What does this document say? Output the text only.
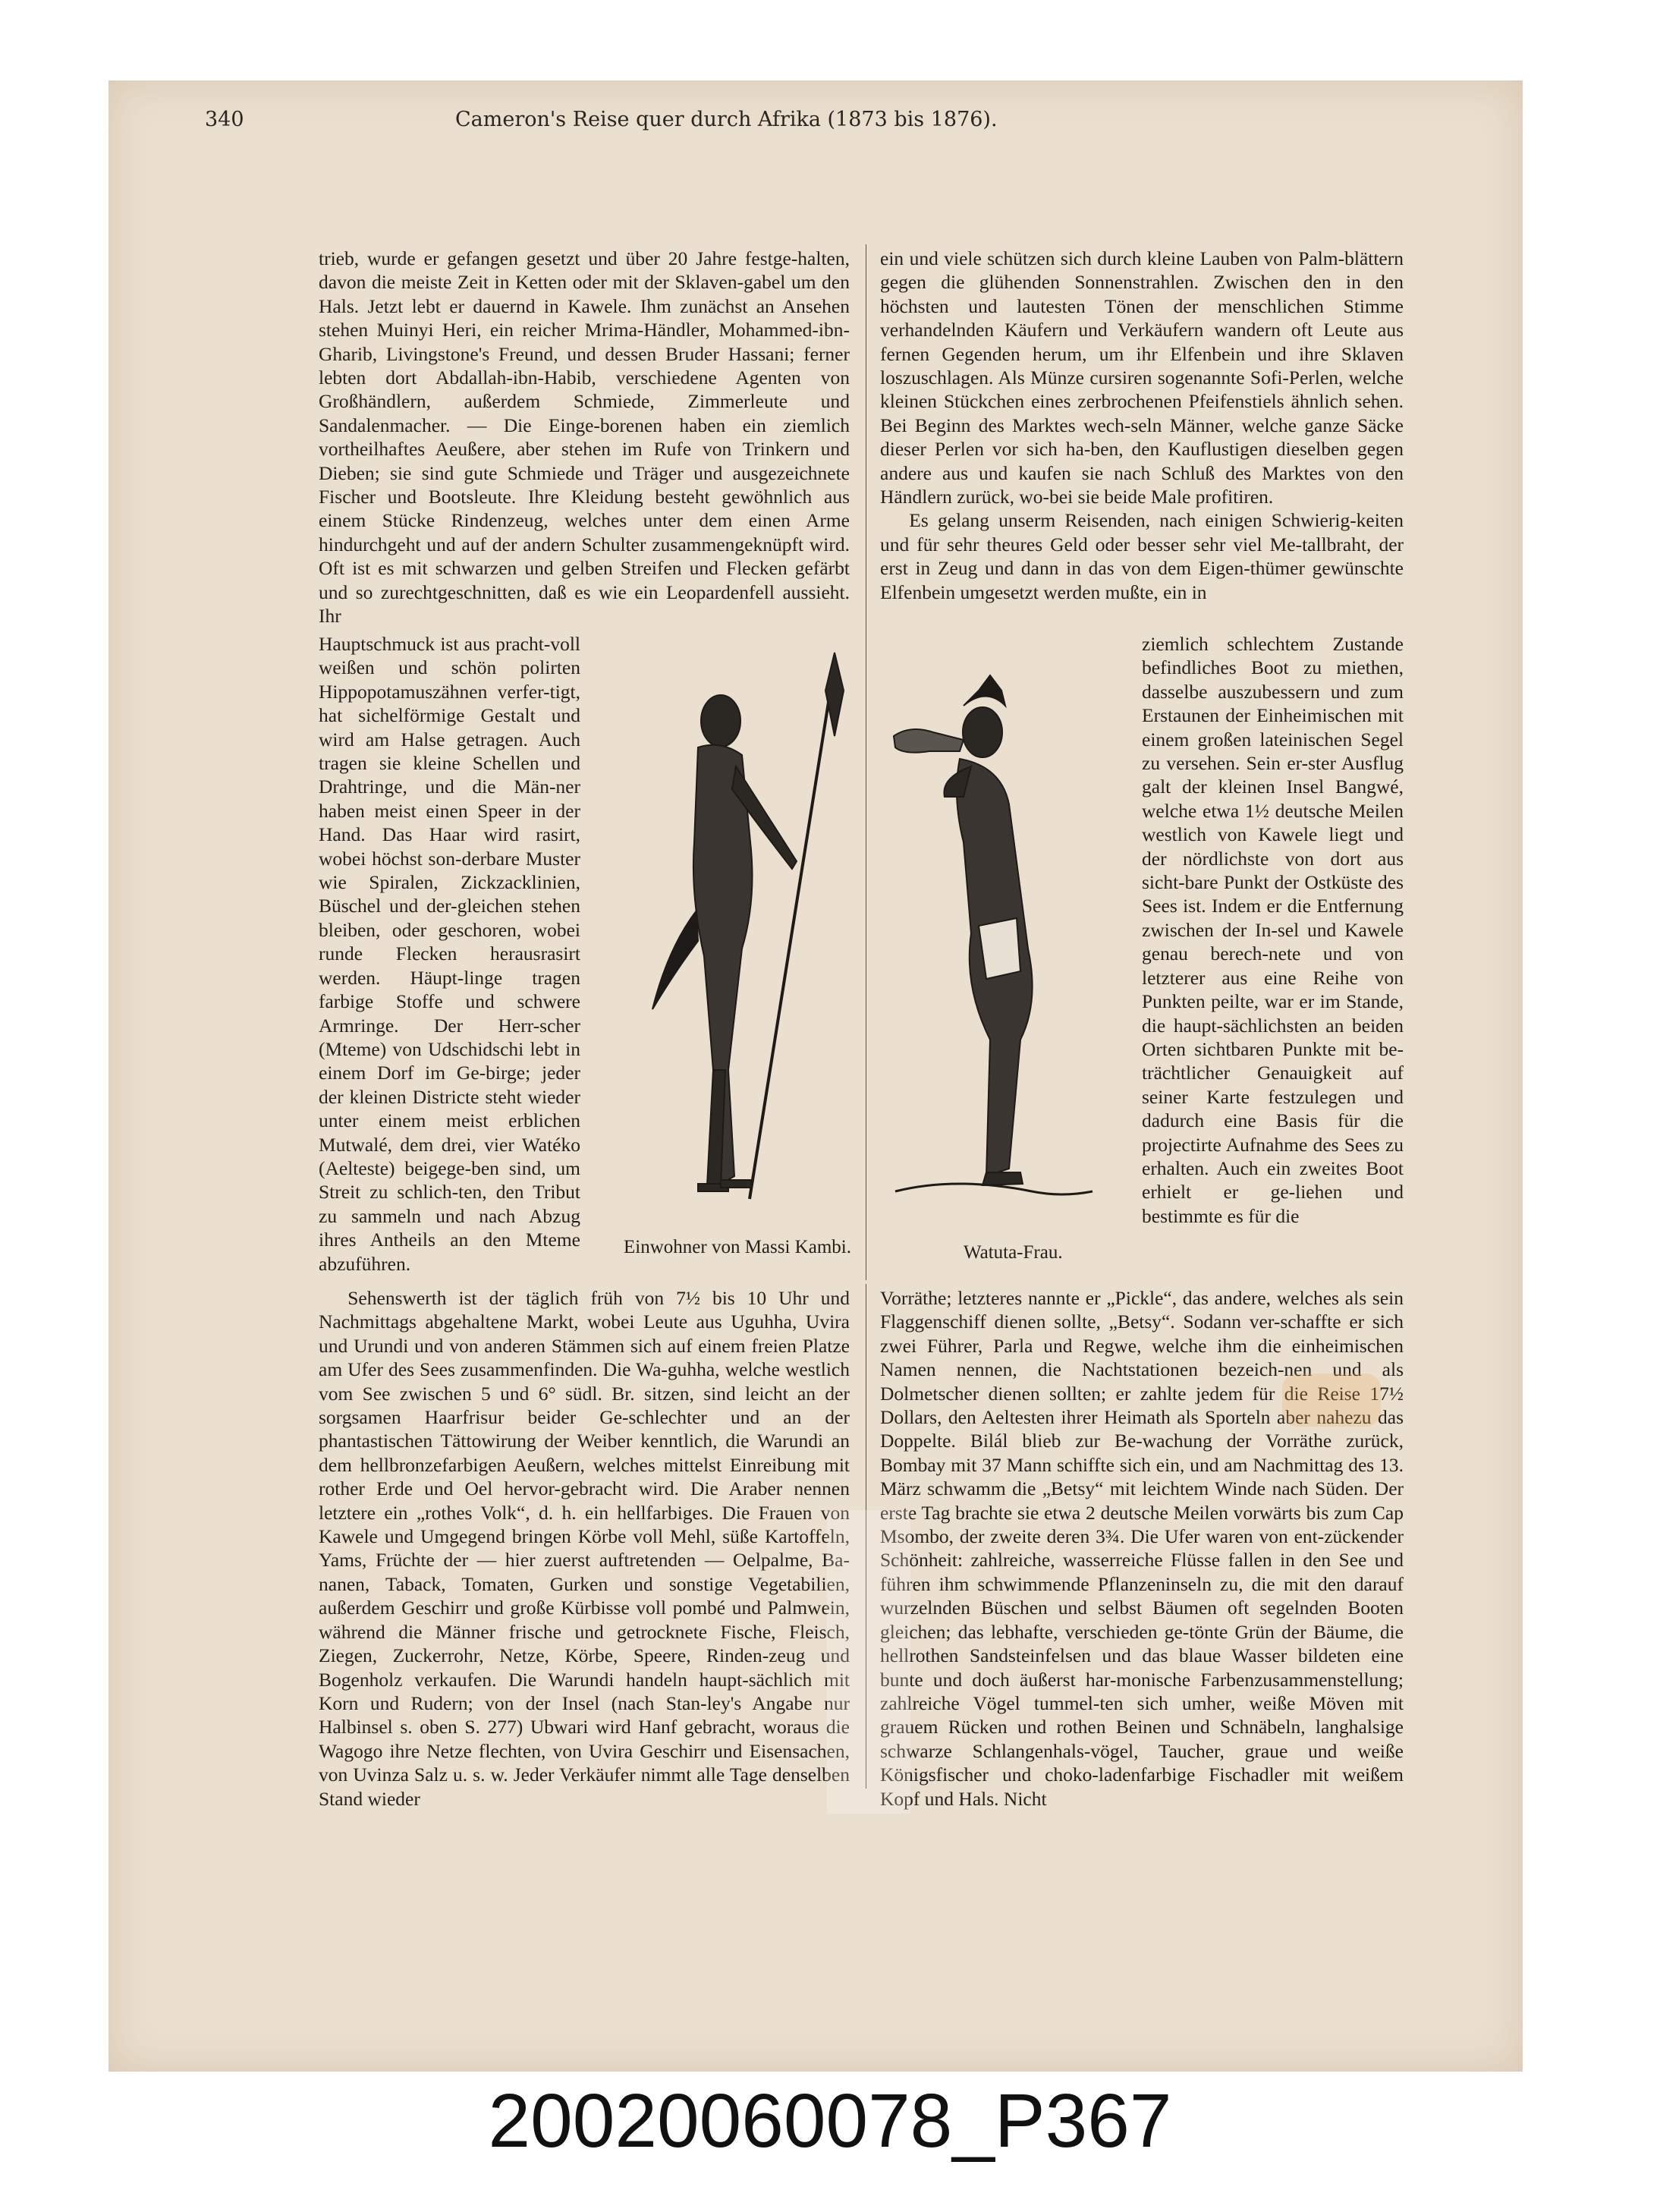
340	Cameron's Reise quer durch Afrika (1873 bis 1876).

trieb, wurde er gefangen gesetzt und über 20 Jahre festge-halten, davon die meiste Zeit in Ketten oder mit der Sklaven-gabel um den Hals. Jetzt lebt er dauernd in Kawele. Ihm zunächst an Ansehen stehen Muinyi Heri, ein reicher Mrima-Händler, Mohammed-ibn-Gharib, Livingstone's Freund, und dessen Bruder Hassani; ferner lebten dort Abdallah-ibn-Habib, verschiedene Agenten von Großhändlern, außerdem Schmiede, Zimmerleute und Sandalenmacher. — Die Einge-borenen haben ein ziemlich vortheilhaftes Aeußere, aber stehen im Rufe von Trinkern und Dieben; sie sind gute Schmiede und Träger und ausgezeichnete Fischer und Bootsleute. Ihre Kleidung besteht gewöhnlich aus einem Stücke Rindenzeug, welches unter dem einen Arme hindurchgeht und auf der andern Schulter zusammengeknüpft wird. Oft ist es mit schwarzen und gelben Streifen und Flecken gefärbt und so zurechtgeschnitten, daß es wie ein Leopardenfell aussieht. Ihr

Hauptschmuck ist aus pracht-voll weißen und schön polirten Hippopotamuszähnen verfer-tigt, hat sichelförmige Gestalt und wird am Halse getragen. Auch tragen sie kleine Schellen und Drahtringe, und die Män-ner haben meist einen Speer in der Hand. Das Haar wird rasirt, wobei höchst son-derbare Muster wie Spiralen, Zickzacklinien, Büschel und der-gleichen stehen bleiben, oder geschoren, wobei runde Flecken herausrasirt werden. Häupt-linge tragen farbige Stoffe und schwere Armringe. Der Herr-scher (Mteme) von Udschidschi lebt in einem Dorf im Ge-birge; jeder der kleinen Districte steht wieder unter einem meist erblichen Mutwalé, dem drei, vier Watéko (Aelteste) beigege-ben sind, um Streit zu schlich-ten, den Tribut zu sammeln und nach Abzug ihres Antheils an den Mteme abzuführen.

Sehenswerth ist der täglich früh von 7½ bis 10 Uhr und Nachmittags abgehaltene Markt, wobei Leute aus Uguhha, Uvira und Urundi und von anderen Stämmen sich auf einem freien Platze am Ufer des Sees zusammenfinden. Die Wa-guhha, welche westlich vom See zwischen 5 und 6° südl. Br. sitzen, sind leicht an der sorgsamen Haarfrisur beider Ge-schlechter und an der phantastischen Tättowirung der Weiber kenntlich, die Warundi an dem hellbronzefarbigen Aeußern, welches mittelst Einreibung mit rother Erde und Oel hervor-gebracht wird. Die Araber nennen letztere ein „rothes Volk“, d. h. ein hellfarbiges. Die Frauen von Kawele und Umgegend bringen Körbe voll Mehl, süße Kartoffeln, Yams, Früchte der — hier zuerst auftretenden — Oelpalme, Ba-nanen, Taback, Tomaten, Gurken und sonstige Vegetabilien, außerdem Geschirr und große Kürbisse voll pombé und Palmwein, während die Männer frische und getrocknete Fische, Fleisch, Ziegen, Zuckerrohr, Netze, Körbe, Speere, Rinden-zeug und Bogenholz verkaufen. Die Warundi handeln haupt-sächlich mit Korn und Rudern; von der Insel (nach Stan-ley's Angabe nur Halbinsel s. oben S. 277) Ubwari wird Hanf gebracht, woraus die Wagogo ihre Netze flechten, von Uvira Geschirr und Eisensachen, von Uvinza Salz u. s. w. Jeder Verkäufer nimmt alle Tage denselben Stand wieder

ein und viele schützen sich durch kleine Lauben von Palm-blättern gegen die glühenden Sonnenstrahlen. Zwischen den in den höchsten und lautesten Tönen der menschlichen Stimme verhandelnden Käufern und Verkäufern wandern oft Leute aus fernen Gegenden herum, um ihr Elfenbein und ihre Sklaven loszuschlagen. Als Münze cursiren sogenannte Sofi-Perlen, welche kleinen Stückchen eines zerbrochenen Pfeifenstiels ähnlich sehen. Bei Beginn des Marktes wech-seln Männer, welche ganze Säcke dieser Perlen vor sich ha-ben, den Kauflustigen dieselben gegen andere aus und kaufen sie nach Schluß des Marktes von den Händlern zurück, wo-bei sie beide Male profitiren.

Es gelang unserm Reisenden, nach einigen Schwierig-keiten und für sehr theures Geld oder besser sehr viel Me-tallbraht, der erst in Zeug und dann in das von dem Eigen-thümer gewünschte Elfenbein umgesetzt werden mußte, ein in

ziemlich schlechtem Zustande befindliches Boot zu miethen, dasselbe auszubessern und zum Erstaunen der Einheimischen mit einem großen lateinischen Segel zu versehen. Sein er-ster Ausflug galt der kleinen Insel Bangwé, welche etwa 1½ deutsche Meilen westlich von Kawele liegt und der nördlichste von dort aus sicht-bare Punkt der Ostküste des Sees ist. Indem er die Entfernung zwischen der In-sel und Kawele genau berech-nete und von letzterer aus eine Reihe von Punkten peilte, war er im Stande, die haupt-sächlichsten an beiden Orten sichtbaren Punkte mit be-trächtlicher Genauigkeit auf seiner Karte festzulegen und dadurch eine Basis für die projectirte Aufnahme des Sees zu erhalten. Auch ein zweites Boot erhielt er ge-liehen und bestimmte es für die

Vorräthe; letzteres nannte er „Pickle“, das andere, welches als sein Flaggenschiff dienen sollte, „Betsy“. Sodann ver-schaffte er sich zwei Führer, Parla und Regwe, welche ihm die einheimischen Namen nennen, die Nachtstationen bezeich-nen und als Dolmetscher dienen sollten; er zahlte jedem für die Reise 17½ Dollars, den Aeltesten ihrer Heimath als Sporteln aber nahezu das Doppelte. Bilál blieb zur Be-wachung der Vorräthe zurück, Bombay mit 37 Mann schiffte sich ein, und am Nachmittag des 13. März schwamm die „Betsy“ mit leichtem Winde nach Süden. Der erste Tag brachte sie etwa 2 deutsche Meilen vorwärts bis zum Cap Msombo, der zweite deren 3¾. Die Ufer waren von ent-zückender Schönheit: zahlreiche, wasserreiche Flüsse fallen in den See und führen ihm schwimmende Pflanzeninseln zu, die mit den darauf wurzelnden Büschen und selbst Bäumen oft segelnden Booten gleichen; das lebhafte, verschieden ge-tönte Grün der Bäume, die hellrothen Sandsteinfelsen und das blaue Wasser bildeten eine bunte und doch äußerst har-monische Farbenzusammenstellung; zahlreiche Vögel tummel-ten sich umher, weiße Möven mit grauem Rücken und rothen Beinen und Schnäbeln, langhalsige schwarze Schlangenhals-vögel, Taucher, graue und weiße Königsfischer und choko-ladenfarbige Fischadler mit weißem Kopf und Hals. Nicht

Einwohner von Massi Kambi.	Watuta-Frau.
20020060078_P367
